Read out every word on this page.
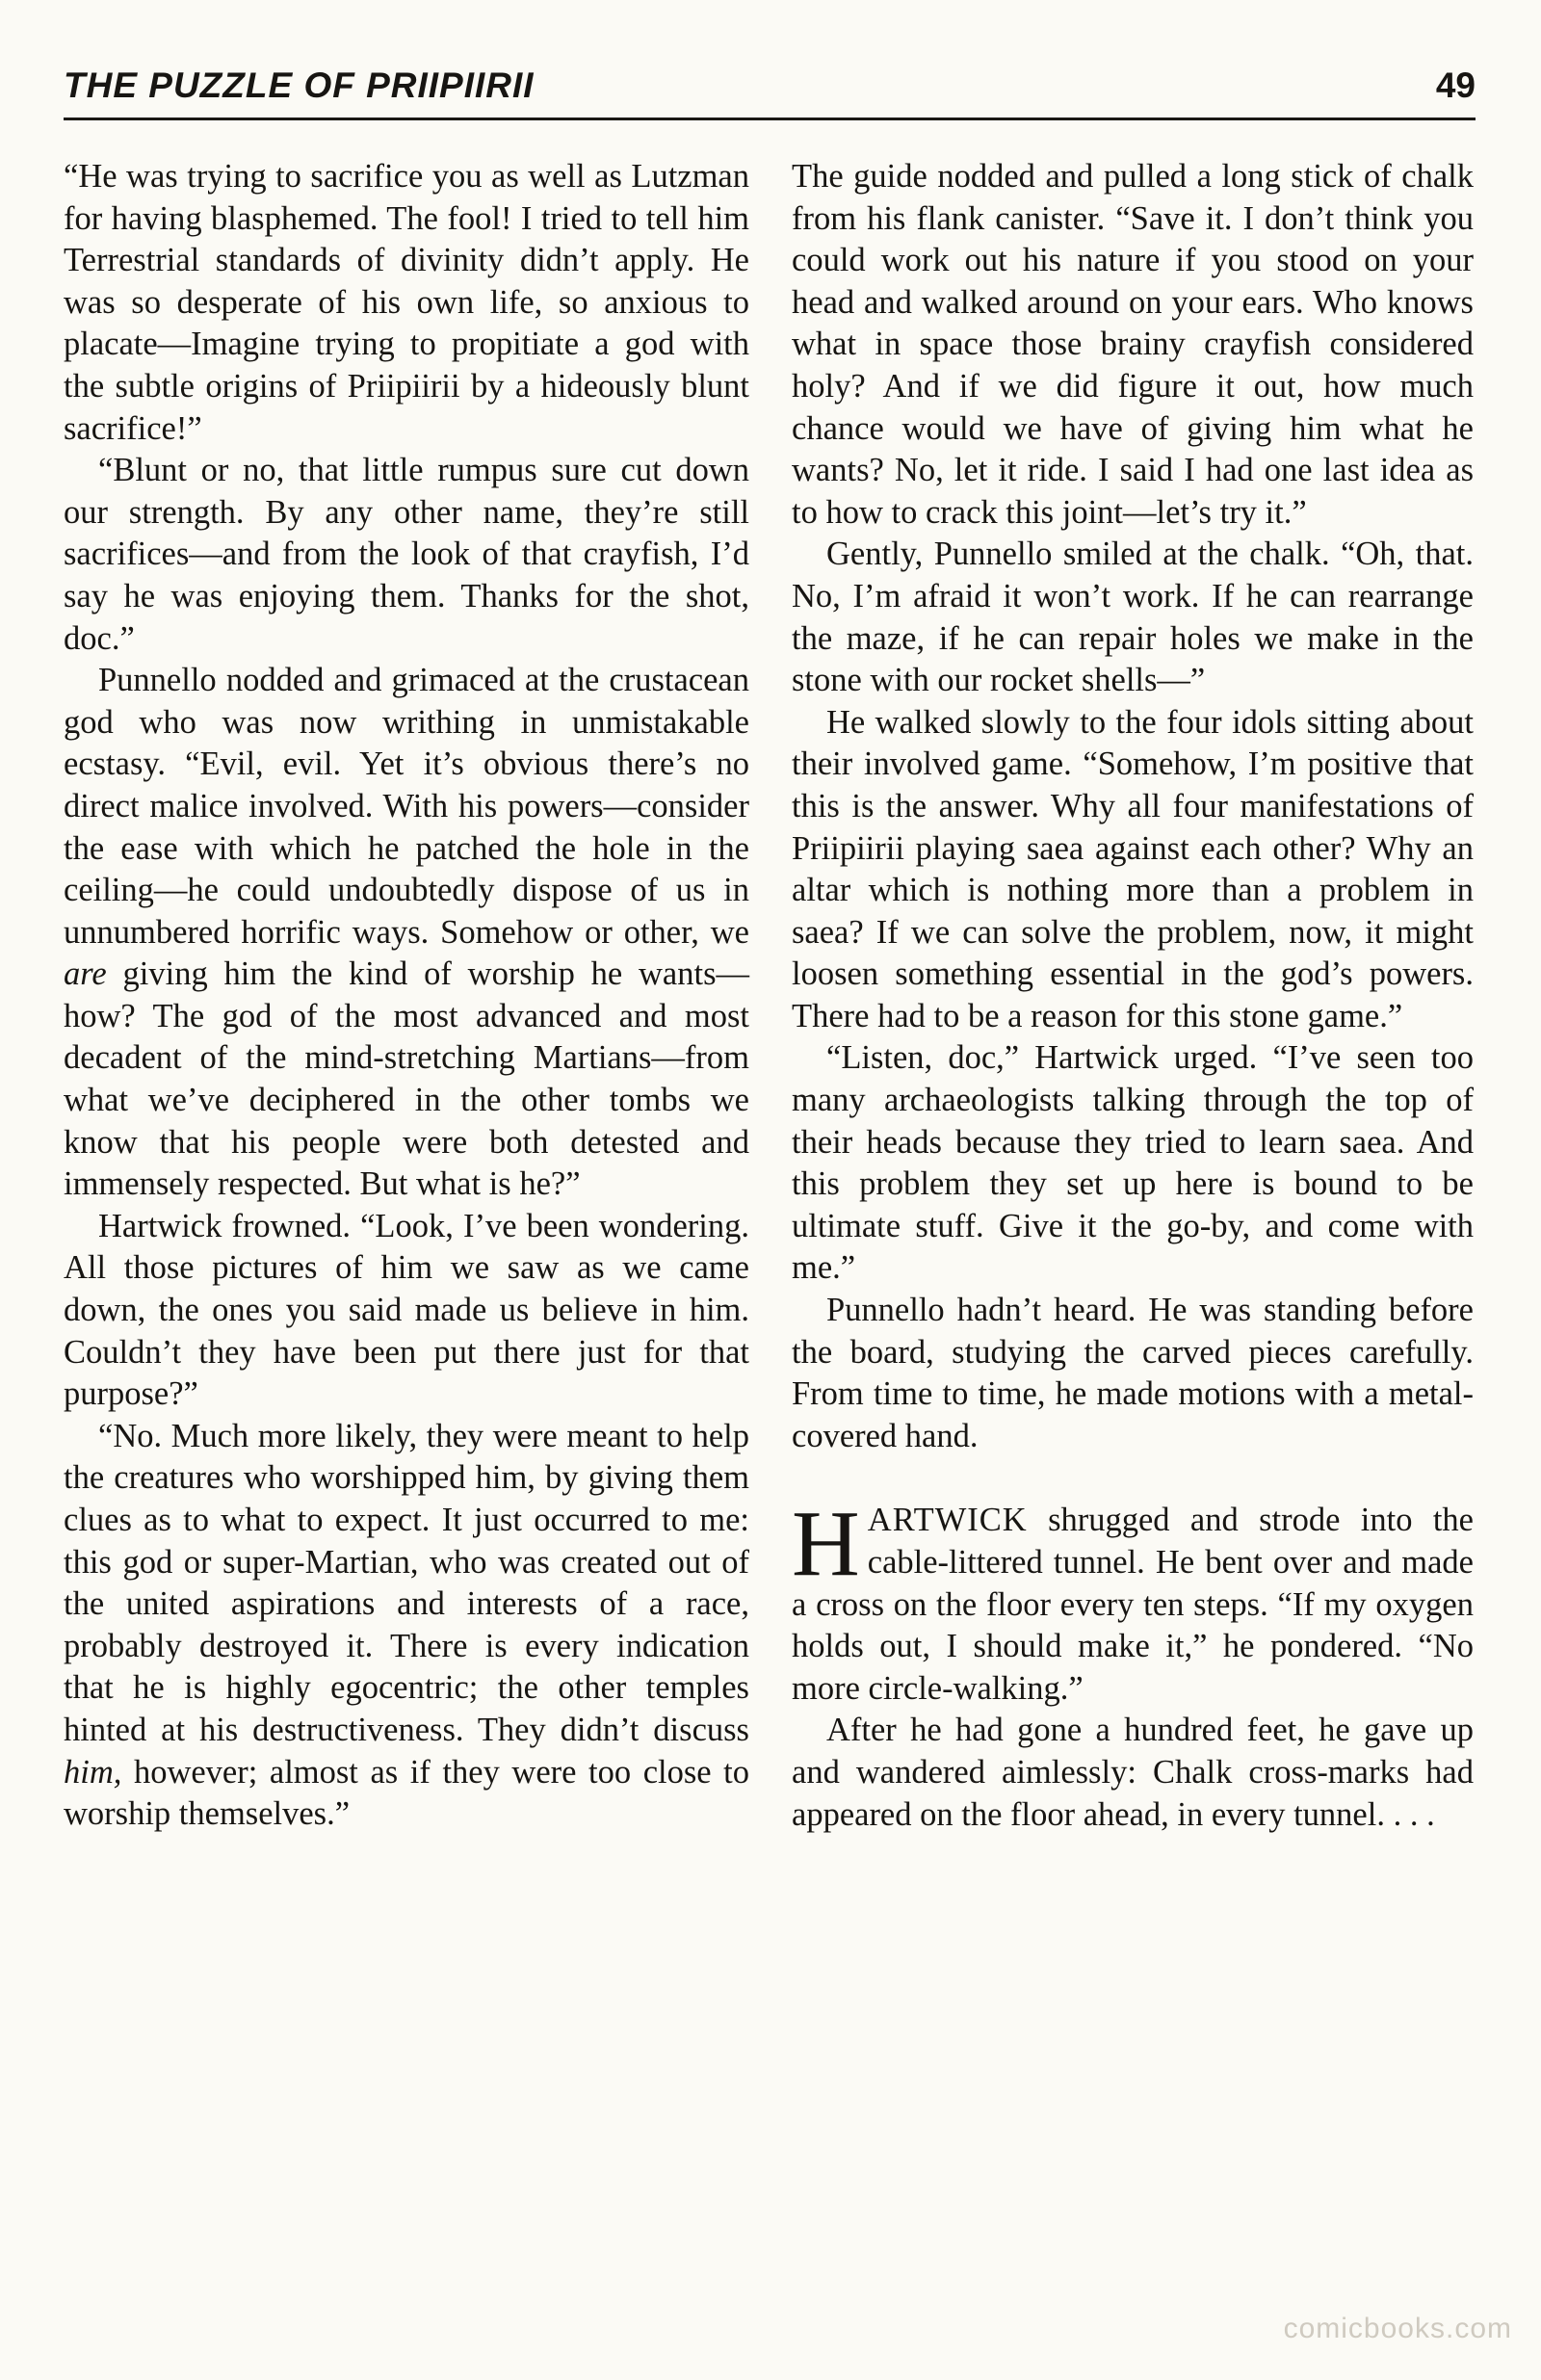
THE PUZZLE OF PRIIPIIRII	49

“He was trying to sacrifice you as well as Lutzman for having blasphemed. The fool! I tried to tell him Terrestrial standards of divinity didn’t apply. He was so desperate of his own life, so anxious to placate—Imagine trying to propitiate a god with the subtle origins of Priipiirii by a hideously blunt sacrifice!”

“Blunt or no, that little rumpus sure cut down our strength. By any other name, they’re still sacrifices—and from the look of that crayfish, I’d say he was enjoying them. Thanks for the shot, doc.”

Punnello nodded and grimaced at the crustacean god who was now writhing in unmistakable ecstasy. “Evil, evil. Yet it’s obvious there’s no direct malice involved. With his powers—consider the ease with which he patched the hole in the ceiling—he could undoubtedly dispose of us in unnumbered horrific ways. Somehow or other, we are giving him the kind of worship he wants—how? The god of the most advanced and most decadent of the mind-stretching Martians—from what we’ve deciphered in the other tombs we know that his people were both detested and immensely respected. But what is he?”

Hartwick frowned. “Look, I’ve been wondering. All those pictures of him we saw as we came down, the ones you said made us believe in him. Couldn’t they have been put there just for that purpose?”

“No. Much more likely, they were meant to help the creatures who worshipped him, by giving them clues as to what to expect. It just occurred to me: this god or super-Martian, who was created out of the united aspirations and interests of a race, probably destroyed it. There is every indication that he is highly egocentric; the other temples hinted at his destructiveness. They didn’t discuss him, however; almost as if they were too close to worship themselves.”

The guide nodded and pulled a long stick of chalk from his flank canister. “Save it. I don’t think you could work out his nature if you stood on your head and walked around on your ears. Who knows what in space those brainy crayfish considered holy? And if we did figure it out, how much chance would we have of giving him what he wants? No, let it ride. I said I had one last idea as to how to crack this joint—let’s try it.”

Gently, Punnello smiled at the chalk. “Oh, that. No, I’m afraid it won’t work. If he can rearrange the maze, if he can repair holes we make in the stone with our rocket shells—”

He walked slowly to the four idols sitting about their involved game. “Somehow, I’m positive that this is the answer. Why all four manifestations of Priipiirii playing saea against each other? Why an altar which is nothing more than a problem in saea? If we can solve the problem, now, it might loosen something essential in the god’s powers. There had to be a reason for this stone game.”

“Listen, doc,” Hartwick urged. “I’ve seen too many archaeologists talking through the top of their heads because they tried to learn saea. And this problem they set up here is bound to be ultimate stuff. Give it the go-by, and come with me.”

Punnello hadn’t heard. He was standing before the board, studying the carved pieces carefully. From time to time, he made motions with a metal-covered hand.

HARTWICK shrugged and strode into the cable-littered tunnel. He bent over and made a cross on the floor every ten steps. “If my oxygen holds out, I should make it,” he pondered. “No more circle-walking.”

After he had gone a hundred feet, he gave up and wandered aimlessly: Chalk cross-marks had appeared on the floor ahead, in every tunnel. . . .

comicbooks.com
